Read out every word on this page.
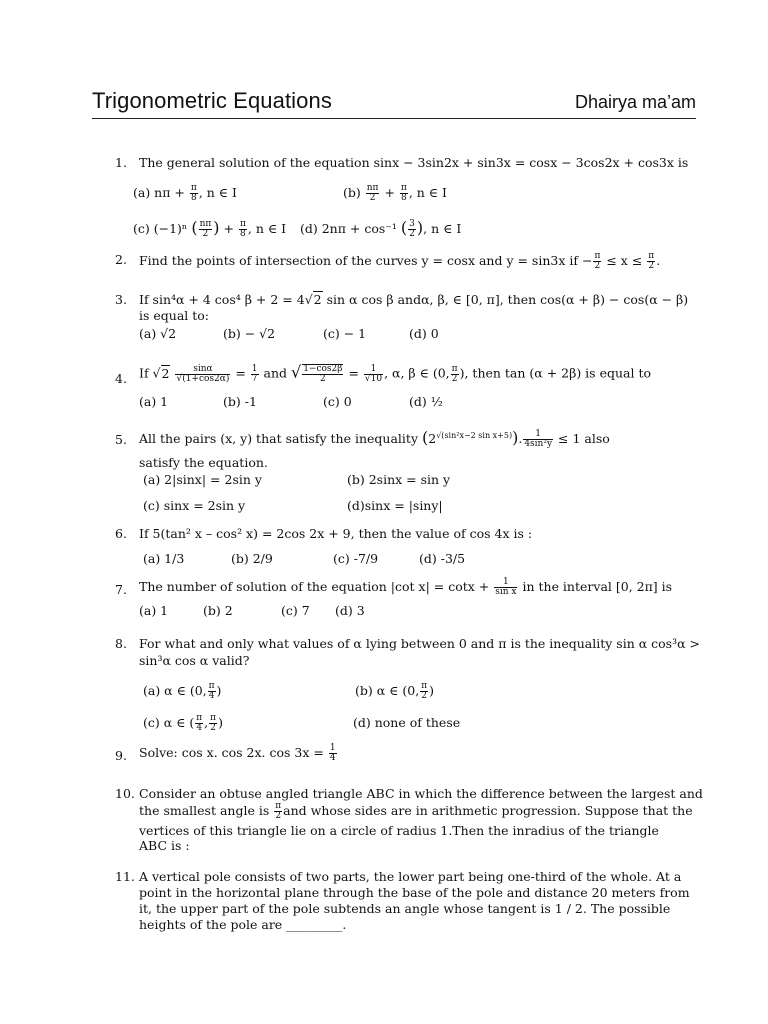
Trigonometric Equations	Dhairya ma’am
1. The general solution of the equation sinx − 3sin2x + sin3x = cosx − 3cos2x + cos3x is
(a) $n\pi + \frac{\pi}{8}$ , n ∈ I	$(b) \frac{n\pi}{2} + \frac{\pi}{8}$ , n ∈ I
(c) (−1)ⁿ ( $\frac{n\pi}{2}$ ) + $\frac{\pi}{8}$ , n ∈ I (d) 2nπ + cos⁻¹ ( $\frac{3}{2}$ ), n ∈ I
2. Find the points of intersection of the curves y = cosx and y = sin3x if − $\frac{\pi}{2} \le x \le \frac{\pi}{2}$ .
3. If sin⁴α + 4 cos⁴ β + 2 = 4√2 sin α cos β andα, β, ∈ [0, π], then cos(α + β) − cos(α − β)
is equal to:
(a) √2	(b) − √2	(c) − 1	(d) 0
4. If $√2 \frac{\sin\alpha}{√(1+\cos 2\alpha)} = \frac{1}{7}$ and √ $\frac{1-\cos 2\beta}{2} = \frac{1}{√10}$ , α, β ∈ (0, $\frac{\pi}{2}$ ), then tan (α + 2β) is equal to
(a) 1	(b) -1	(c) 0	(d) ½
5. All the pairs (x, y) that satisfy the inequality $(2^{√(sin^2x-2 sin x+5)})$. $\frac{1}{\text{4sin²y}} \le 1$ also
satisfy the equation.
(a) 2|sinx| = 2sin y	(b) 2sinx = sin y
(c) sinx = 2sin y	(d)sinx = |siny|
6. If 5(tan² x – cos² x) = 2cos 2x + 9, then the value of cos 4x is :
(a) 1/3	(b) 2/9	(c) -7/9	(d) -3/5
7. The number of solution of the equation |cot $x| = \cot x + \frac{1}{\text{sin x}}$ in the interval [0, 2π] is
(a) 1	(b) 2	(c) 7 (d) 3
8. For what and only what values of α lying between 0 and π is the inequality sin α cos³α >
sin³α cos α valid?
(a) α ∈ (0, $\frac{\pi}{4}$ )	(b) α ∈ (0, $\frac{\pi}{2}$ )
(c) α ∈ ( $\frac{\pi}{4}$ , $\frac{\pi}{2}$ )	(d) none of these
9. Solve: cos x. cos 2x. $\cos 3x = \frac{1}{4}$
10. Consider an obtuse angled triangle ABC in which the difference between the largest and
the smallest angle is $\frac{\pi}{2}$ and whose sides are in arithmetic progression. Suppose that the
vertices of this triangle lie on a circle of radius 1.Then the inradius of the triangle
ABC is :
11. A vertical pole consists of two parts, the lower part being one-third of the whole. At a
point in the horizontal plane through the base of the pole and distance 20 meters from
it, the upper part of the pole subtends an angle whose tangent is 1 / 2. The possible
heights of the pole are _________.
